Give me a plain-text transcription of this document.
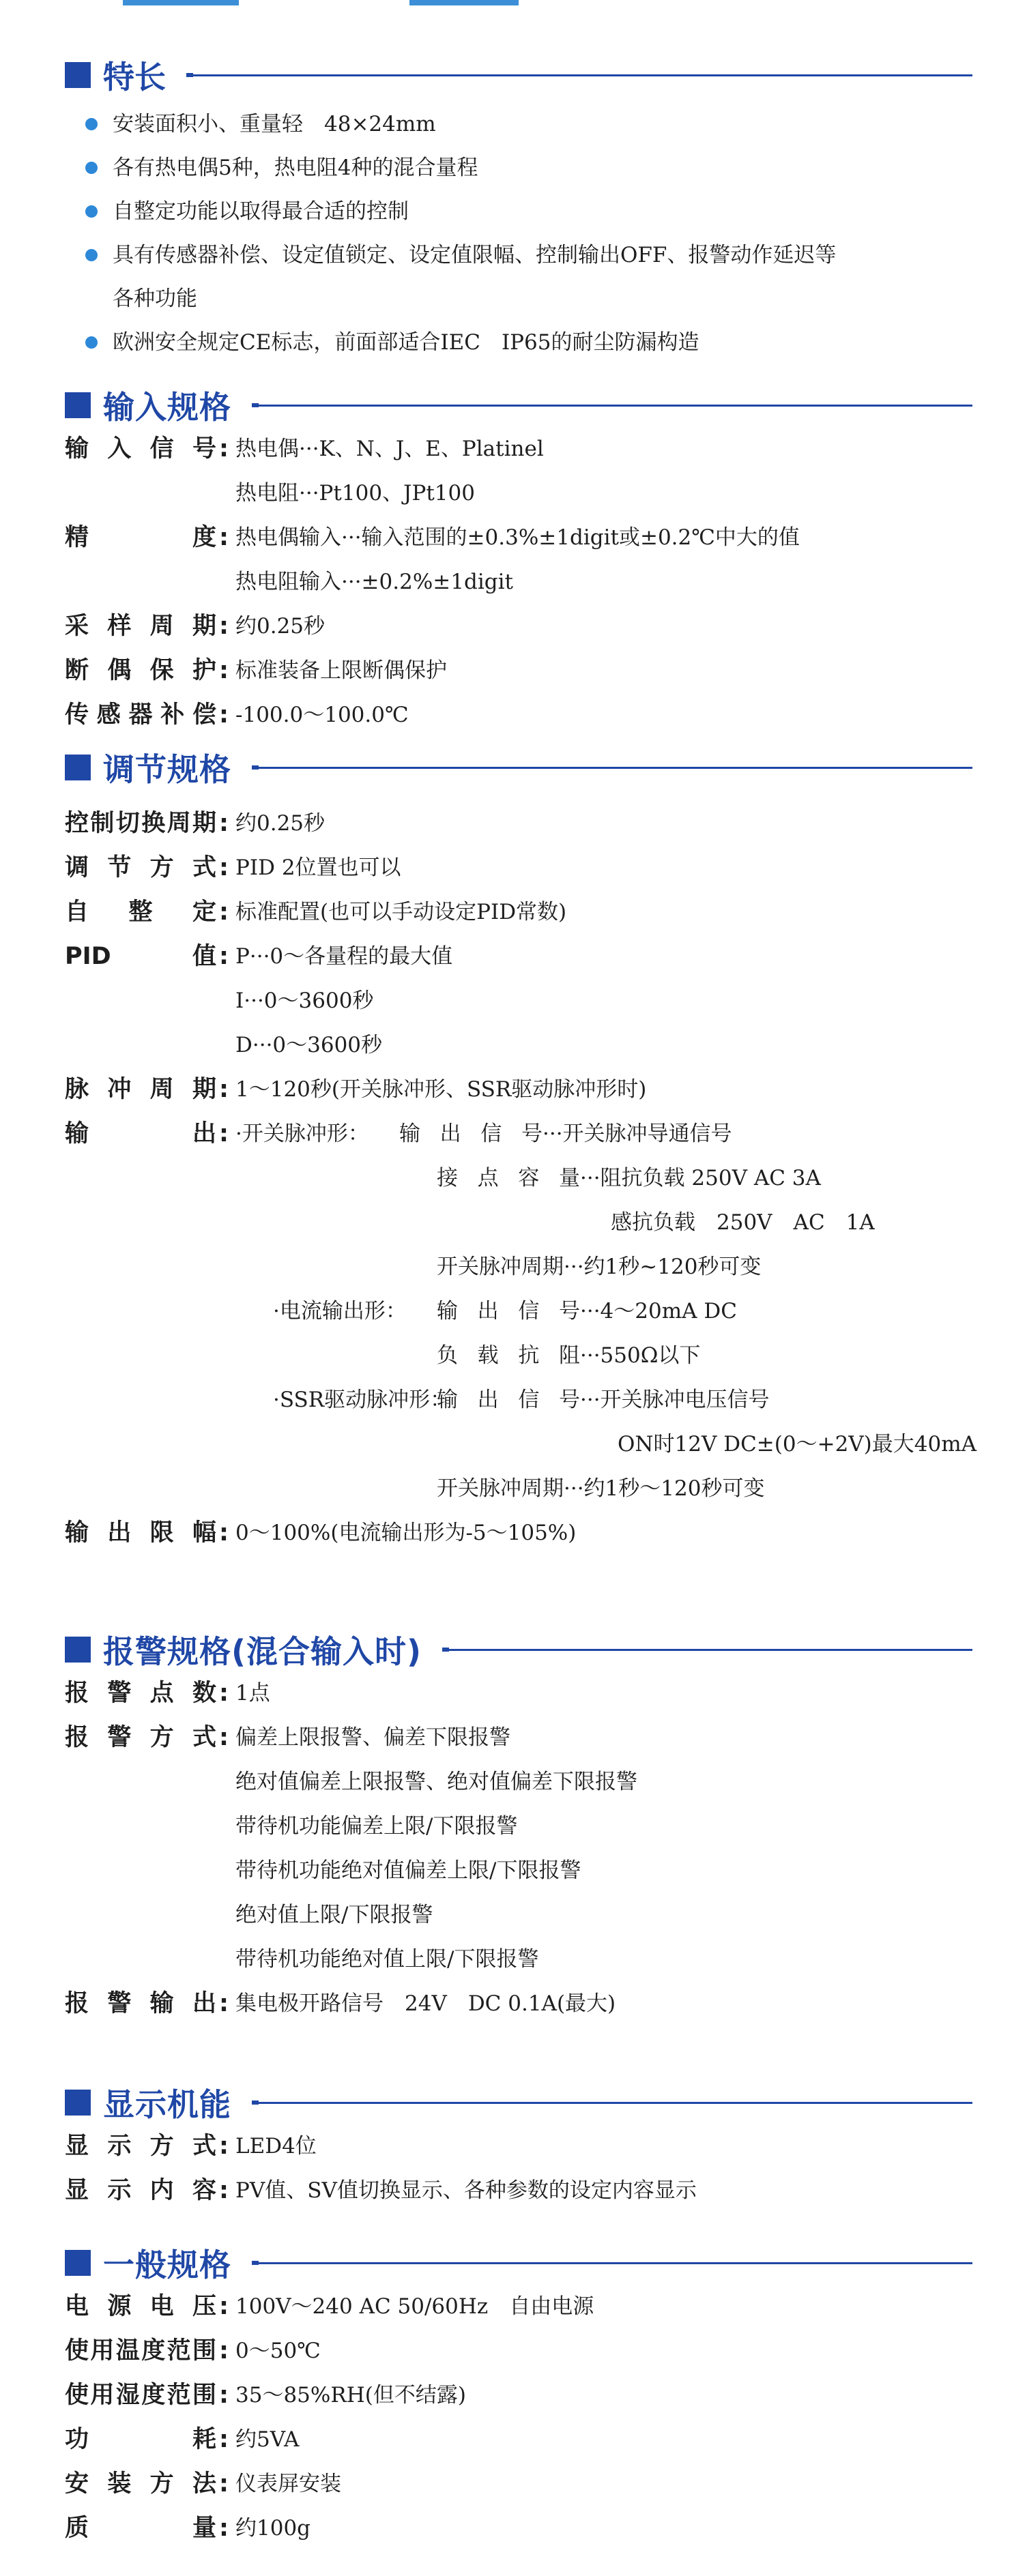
特长
安装面积小、重量轻　48×24mm
各有热电偶5种，热电阻4种的混合量程
自整定功能以取得最合适的控制
具有传感器补偿、设定值锁定、设定值限幅、控制输出OFF、报警动作延迟等
各种功能
欧洲安全规定CE标志，前面部适合IEC　IP65的耐尘防漏构造
输入规格
输入信号 : 热电偶···K、N、J、E、Platinel
热电阻···Pt100、JPt100
精度 : 热电偶输入···输入范围的±0.3%±1digit或±0.2℃中大的值
热电阻输入···±0.2%±1digit
采样周期 : 约0.25秒
断偶保护 : 标准装备上限断偶保护
传感器补偿 : -100.0～100.0℃
调节规格
控制切换周期 : 约0.25秒
调节方式 : PID 2位置也可以
自整定 : 标准配置(也可以手动设定PID常数)
PID值 : P···0～各量程的最大值
I···0～3600秒
D···0～3600秒
脉冲周期 : 1～120秒(开关脉冲形、SSR驱动脉冲形时)
输出 : ·开关脉冲形：	输出信号 ···开关脉冲导通信号
接点容量 ···阻抗负载 250V AC 3A
感抗负载　250V　AC　1A
开关脉冲周期···约1秒~120秒可变
·电流输出形：	输出信号 ···4～20mA DC
负载抗阻 ···550Ω以下
·SSR驱动脉冲形：
输出信号 ···开关脉冲电压信号
ON时12V DC±(0～+2V)最大40mA
开关脉冲周期···约1秒～120秒可变
输出限幅 : 0～100%(电流输出形为-5～105%)
报警规格(混合输入时)
报警点数 : 1点
报警方式 : 偏差上限报警、偏差下限报警
绝对值偏差上限报警、绝对值偏差下限报警
带待机功能偏差上限/下限报警
带待机功能绝对值偏差上限/下限报警
绝对值上限/下限报警
带待机功能绝对值上限/下限报警
报警输出 : 集电极开路信号　24V　DC 0.1A(最大)
显示机能
显示方式 : LED4位
显示内容 : PV值、SV值切换显示、各种参数的设定内容显示
一般规格
电源电压 : 100V～240 AC 50/60Hz　自由电源
使用温度范围 : 0～50℃
使用湿度范围 : 35～85%RH(但不结露)
功耗 : 约5VA
安装方法 : 仪表屏安装
质量 : 约100g
